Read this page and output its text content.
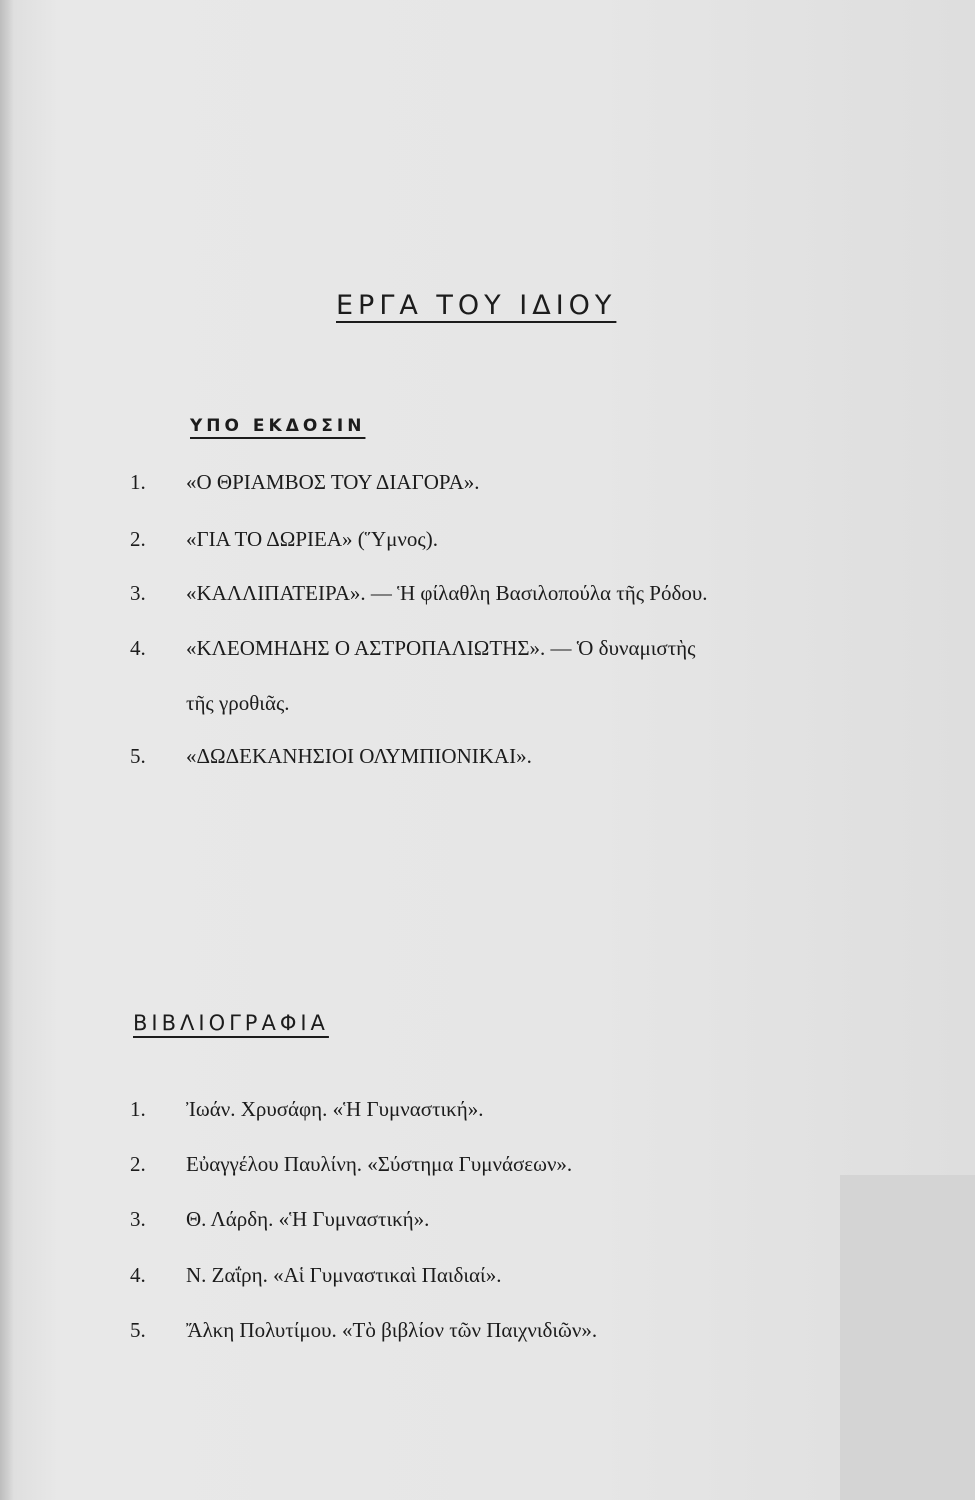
ΕΡΓΑ ΤΟΥ ΙΔΙΟΥ
ΥΠΟ ΕΚΔΟΣΙΝ
1. «Ο ΘΡΙΑΜΒΟΣ ΤΟΥ ΔΙΑΓΟΡΑ».
2. «ΓΙΑ ΤΟ ΔΩΡΙΕΑ» (Ὕμνος).
3. «ΚΑΛΛΙΠΑΤΕΙΡΑ». — Ἡ φίλαθλη Βασιλοπούλα τῆς Ρόδου.
4. «ΚΛΕΟΜΗΔΗΣ Ο ΑΣΤΡΟΠΑΛΙΩΤΗΣ». — Ὁ δυναμιστὴς
τῆς γροθιᾶς.
5. «ΔΩΔΕΚΑΝΗΣΙΟΙ ΟΛΥΜΠΙΟΝΙΚΑΙ».
ΒΙΒΛΙΟΓΡΑΦΙΑ
1. Ἰωάν. Χρυσάφη. «Ἡ Γυμναστική».
2. Εὐαγγέλου Παυλίνη. «Σύστημα Γυμνάσεων».
3. Θ. Λάρδη. «Ἡ Γυμναστική».
4. Ν. Ζαΐρη. «Αἱ Γυμναστικαὶ Παιδιαί».
5. Ἄλκη Πολυτίμου. «Τὸ βιβλίον τῶν Παιχνιδιῶν».
